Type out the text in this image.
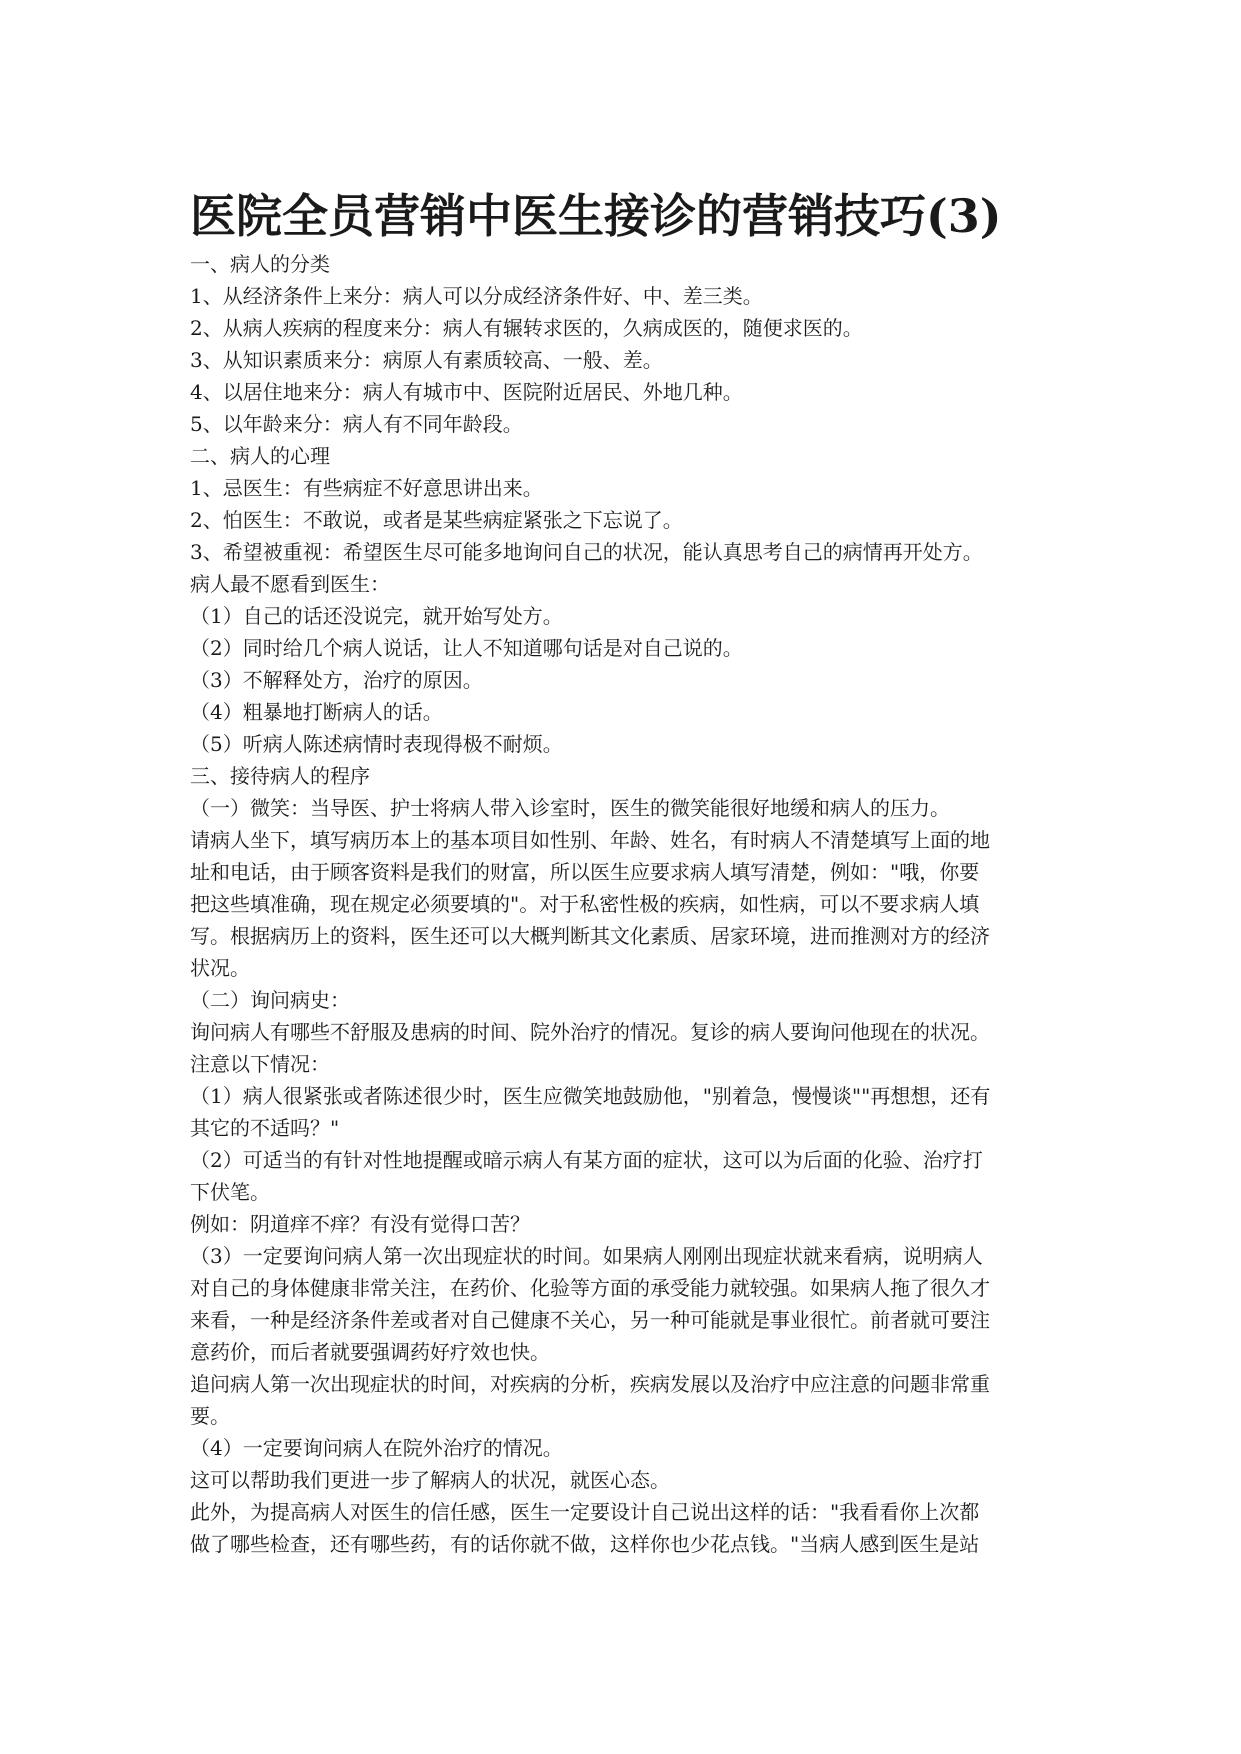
医院全员营销中医生接诊的营销技巧(3)
一、病人的分类
1、从经济条件上来分：病人可以分成经济条件好、中、差三类。
2、从病人疾病的程度来分：病人有辗转求医的，久病成医的，随便求医的。
3、从知识素质来分：病原人有素质较高、一般、差。
4、以居住地来分：病人有城市中、医院附近居民、外地几种。
5、以年龄来分：病人有不同年龄段。
二、病人的心理
1、忌医生：有些病症不好意思讲出来。
2、怕医生：不敢说，或者是某些病症紧张之下忘说了。
3、希望被重视：希望医生尽可能多地询问自己的状况，能认真思考自己的病情再开处方。
病人最不愿看到医生：
（1）自己的话还没说完，就开始写处方。
（2）同时给几个病人说话，让人不知道哪句话是对自己说的。
（3）不解释处方，治疗的原因。
（4）粗暴地打断病人的话。
（5）听病人陈述病情时表现得极不耐烦。
三、接待病人的程序
（一）微笑：当导医、护士将病人带入诊室时，医生的微笑能很好地缓和病人的压力。
请病人坐下，填写病历本上的基本项目如性别、年龄、姓名，有时病人不清楚填写上面的地
址和电话，由于顾客资料是我们的财富，所以医生应要求病人填写清楚，例如："哦，你要
把这些填准确，现在规定必须要填的"。对于私密性极的疾病，如性病，可以不要求病人填
写。根据病历上的资料，医生还可以大概判断其文化素质、居家环境，进而推测对方的经济
状况。
（二）询问病史：
询问病人有哪些不舒服及患病的时间、院外治疗的情况。复诊的病人要询问他现在的状况。
注意以下情况：
（1）病人很紧张或者陈述很少时，医生应微笑地鼓励他，"别着急，慢慢谈""再想想，还有
其它的不适吗？"
（2）可适当的有针对性地提醒或暗示病人有某方面的症状，这可以为后面的化验、治疗打
下伏笔。
例如：阴道痒不痒？有没有觉得口苦？
（3）一定要询问病人第一次出现症状的时间。如果病人刚刚出现症状就来看病，说明病人
对自己的身体健康非常关注，在药价、化验等方面的承受能力就较强。如果病人拖了很久才
来看，一种是经济条件差或者对自己健康不关心，另一种可能就是事业很忙。前者就可要注
意药价，而后者就要强调药好疗效也快。
追问病人第一次出现症状的时间，对疾病的分析，疾病发展以及治疗中应注意的问题非常重
要。
（4）一定要询问病人在院外治疗的情况。
这可以帮助我们更进一步了解病人的状况，就医心态。
此外，为提高病人对医生的信任感，医生一定要设计自己说出这样的话："我看看你上次都
做了哪些检查，还有哪些药，有的话你就不做，这样你也少花点钱。"当病人感到医生是站
